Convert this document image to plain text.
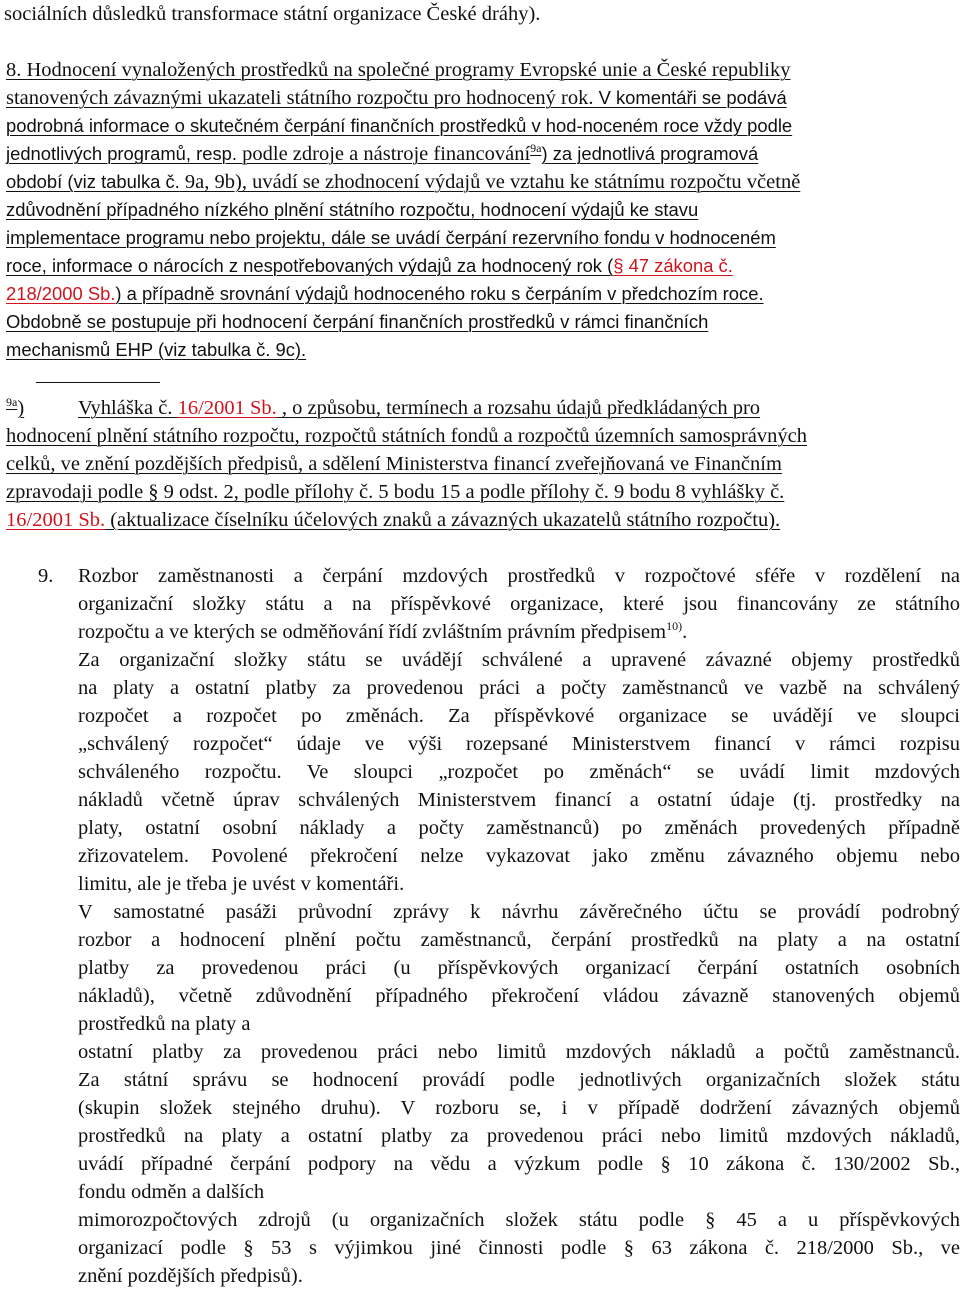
sociálních důsledků transformace státní organizace České dráhy).
8. Hodnocení vynaložených prostředků na společné programy Evropské unie a České republiky
stanovených závaznými ukazateli státního rozpočtu pro hodnocený rok. V komentáři se podává
podrobná informace o skutečném čerpání finančních prostředků v hod-noceném roce vždy podle
jednotlivých programů, resp. podle zdroje a nástroje financování$^{9a}$) za jednotlivá programová
období (viz tabulka č. 9a, 9b), uvádí se zhodnocení výdajů ve vztahu ke státnímu rozpočtu včetně
zdůvodnění případného nízkého plnění státního rozpočtu, hodnocení výdajů ke stavu
implementace programu nebo projektu, dále se uvádí čerpání rezervního fondu v hodnoceném
roce, informace o nárocích z nespotřebovaných výdajů za hodnocený rok (§ 47 zákona č.
218/2000 Sb.) a případně srovnání výdajů hodnoceného roku s čerpáním v předchozím roce.
Obdobně se postupuje při hodnocení čerpání finančních prostředků v rámci finančních
mechanismů EHP (viz tabulka č. 9c).
$^{9a}$)	Vyhláška č. 16/2001 Sb. , o způsobu, termínech a rozsahu údajů předkládaných pro
hodnocení plnění státního rozpočtu, rozpočtů státních fondů a rozpočtů územních samosprávných
celků, ve znění pozdějších předpisů, a sdělení Ministerstva financí zveřejňovaná ve Finančním
zpravodaji podle § 9 odst. 2, podle přílohy č. 5 bodu 15 a podle přílohy č. 9 bodu 8 vyhlášky č.
16/2001 Sb. (aktualizace číselníku účelových znaků a závazných ukazatelů státního rozpočtu).
9. Rozbor zaměstnanosti a čerpání mzdových prostředků v rozpočtové sféře v rozdělení na
organizační složky státu a na příspěvkové organizace, které jsou financovány ze státního
rozpočtu a ve kterých se odměňování řídí zvláštním právním předpisem$^{10)}$.
Za organizační složky státu se uvádějí schválené a upravené závazné objemy prostředků
na platy a ostatní platby za provedenou práci a počty zaměstnanců ve vazbě na schválený
rozpočet a rozpočet po změnách. Za příspěvkové organizace se uvádějí ve sloupci
„schválený rozpočet“ údaje ve výši rozepsané Ministerstvem financí v rámci rozpisu
schváleného rozpočtu. Ve sloupci „rozpočet po změnách“ se uvádí limit mzdových
nákladů včetně úprav schválených Ministerstvem financí a ostatní údaje (tj. prostředky na
platy, ostatní osobní náklady a počty zaměstnanců) po změnách provedených případně
zřizovatelem. Povolené překročení nelze vykazovat jako změnu závazného objemu nebo
limitu, ale je třeba je uvést v komentáři.
V samostatné pasáži průvodní zprávy k návrhu závěrečného účtu se provádí podrobný
rozbor a hodnocení plnění počtu zaměstnanců, čerpání prostředků na platy a na ostatní
platby za provedenou práci (u příspěvkových organizací čerpání ostatních osobních
nákladů), včetně zdůvodnění případného překročení vládou závazně stanovených objemů
prostředků na platy a
ostatní platby za provedenou práci nebo limitů mzdových nákladů a počtů zaměstnanců.
Za státní správu se hodnocení provádí podle jednotlivých organizačních složek státu
(skupin složek stejného druhu). V rozboru se, i v případě dodržení závazných objemů
prostředků na platy a ostatní platby za provedenou práci nebo limitů mzdových nákladů,
uvádí případné čerpání podpory na vědu a výzkum podle § 10 zákona č. 130/2002 Sb.,
fondu odměn a dalších
mimorozpočtových zdrojů (u organizačních složek státu podle § 45 a u příspěvkových
organizací podle § 53 s výjimkou jiné činnosti podle § 63 zákona č. 218/2000 Sb., ve
znění pozdějších předpisů).
